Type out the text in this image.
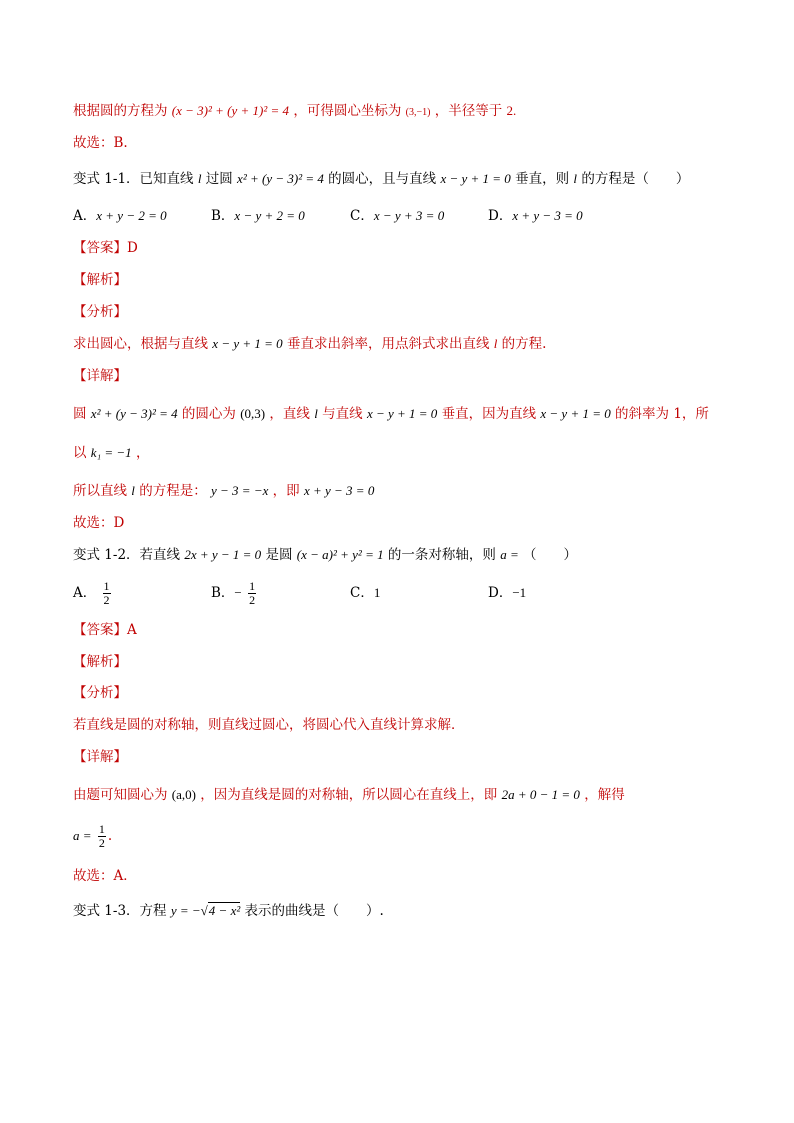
根据圆的方程为 (x − 3)² + (y + 1)² = 4 ，可得圆心坐标为 (3,−1) ，半径等于 2.
故选：B.
变式 1-1．已知直线 l 过圆 x² + (y − 3)² = 4 的圆心，且与直线 x − y + 1 = 0 垂直，则 l 的方程是（　　）
A．x + y − 2 = 0	B．x − y + 2 = 0	C．x − y + 3 = 0	D．x + y − 3 = 0
【答案】D
【解析】
【分析】
求出圆心，根据与直线 x − y + 1 = 0 垂直求出斜率，用点斜式求出直线 l 的方程.
【详解】
圆 x² + (y − 3)² = 4 的圆心为 (0,3) ，直线 l 与直线 x − y + 1 = 0 垂直，因为直线 x − y + 1 = 0 的斜率为 1，所
以 k₁ = −1 ，
所以直线 l 的方程是： y − 3 = −x ，即 x + y − 3 = 0
故选：D
变式 1-2．若直线 2x + y − 1 = 0 是圆 (x − a)² + y² = 1 的一条对称轴，则 a = （　　）
A． $\frac{1}{2}$	B．− $\frac{1}{2}$	C．1	D．−1
【答案】A
【解析】
【分析】
若直线是圆的对称轴，则直线过圆心，将圆心代入直线计算求解．
【详解】
由题可知圆心为 (a,0) ，因为直线是圆的对称轴，所以圆心在直线上，即 2a + 0 − 1 = 0 ，解得
$a = \frac{1}{2}$ .
故选：A．
变式 1-3．方程 y = −√4 − x² 表示的曲线是（　　）.
